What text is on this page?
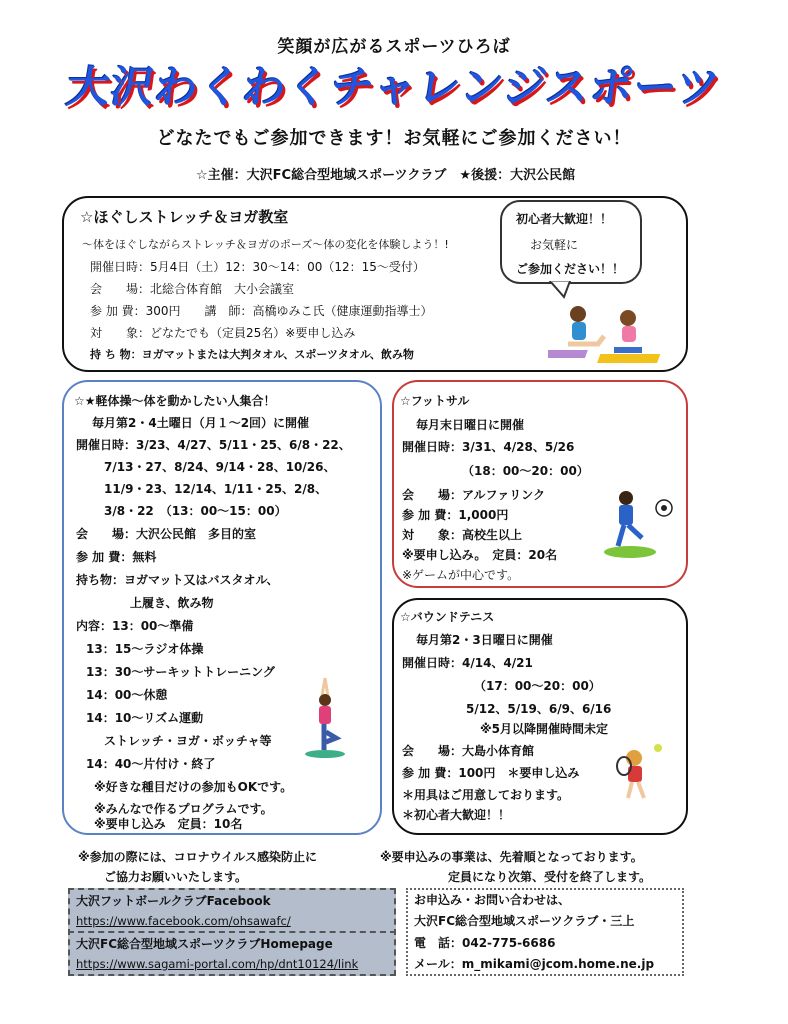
笑顔が広がるスポーツひろば
大沢わくわくチャレンジスポーツ
どなたでもご参加できます！お気軽にご参加ください！
☆主催：大沢FC総合型地域スポーツクラブ　★後援：大沢公民館
☆ほぐしストレッチ＆ヨガ教室
～体をほぐしながらストレッチ＆ヨガのポーズ～体の変化を体験しよう！!
開催日時：5月4日（土）12：30～14：00（12：15～受付）
会　　場：北総合体育館　大小会議室
参 加 費：300円　　講　師：高橋ゆみこ氏（健康運動指導士）
対　　象：どなたでも（定員25名）※要申し込み
持 ち 物：ヨガマットまたは大判タオル、スポーツタオル、飲み物
初心者大歓迎！！
お気軽に
ご参加ください！！
☆★軽体操～体を動かしたい人集合！
毎月第2・4土曜日（月１～2回）に開催
開催日時：3/23、4/27、5/11・25、6/8・22、
7/13・27、8/24、9/14・28、10/26、
11/9・23、12/14、1/11・25、2/8、
3/8・22　（13：00～15：00）
会　　場：大沢公民館　多目的室
参 加 費：無料
持ち物：ヨガマット又はバスタオル、
上履き、飲み物
内容：13：00～準備
13：15～ラジオ体操
13：30～サーキットトレーニング
14：00～休憩
14：10～リズム運動
ストレッチ・ヨガ・ボッチャ等
14：40～片付け・終了
※好きな種目だけの参加もOKです。
※みんなで作るプログラムです。
※要申し込み　定員：10名
☆フットサル
毎月末日曜日に開催
開催日時：3/31、4/28、5/26
（18：00～20：00）
会　　場：アルファリンク
参 加 費：1,000円
対　　象：高校生以上
※要申し込み。　定員：20名
※ゲームが中心です。
☆バウンドテニス
毎月第2・3日曜日に開催
開催日時：4/14、4/21
（17：00～20：00）
5/12、5/19、6/9、6/16
※5月以降開催時間未定
会　　場：大島小体育館
参 加 費：100円　＊要申し込み
＊用具はご用意しております。
＊初心者大歓迎！！
※参加の際には、コロナウイルス感染防止に
ご協力お願いいたします。
※要申込みの事業は、先着順となっております。
定員になり次第、受付を終了します。
大沢フットボールクラブFacebook
https://www.facebook.com/ohsawafc/
大沢FC総合型地域スポーツクラブHomepage
https://www.sagami-portal.com/hp/dnt10124/link
お申込み・お問い合わせは、
大沢FC総合型地域スポーツクラブ・三上
電　話：042-775-6686
メール：m_mikami@jcom.home.ne.jp
